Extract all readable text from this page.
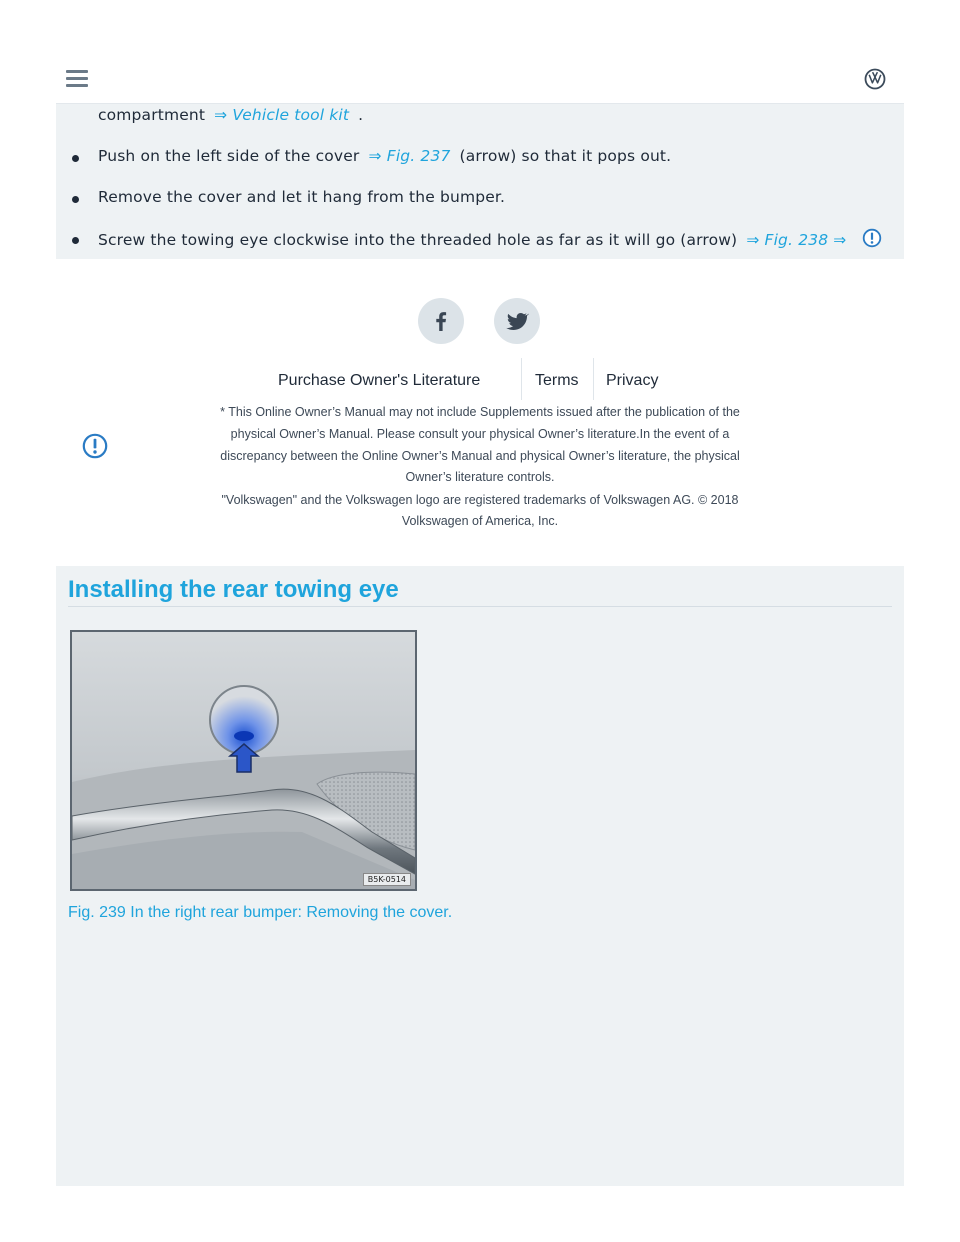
compartment ⇒ Vehicle tool kit .
Push on the left side of the cover ⇒ Fig. 237 (arrow) so that it pops out.
Remove the cover and let it hang from the bumper.
Screw the towing eye clockwise into the threaded hole as far as it will go (arrow) ⇒ Fig. 238 ⇒
Purchase Owner's Literature	Terms Privacy
* This Online Owner’s Manual may not include Supplements issued after the publication of the
physical Owner’s Manual. Please consult your physical Owner’s literature.In the event of a
discrepancy between the Online Owner’s Manual and physical Owner’s literature, the physical
Owner’s literature controls.
"Volkswagen" and the Volkswagen logo are registered trademarks of Volkswagen AG. © 2018
Volkswagen of America, Inc.
Installing the rear towing eye
B5K-0514
Fig. 239 In the right rear bumper: Removing the cover.
